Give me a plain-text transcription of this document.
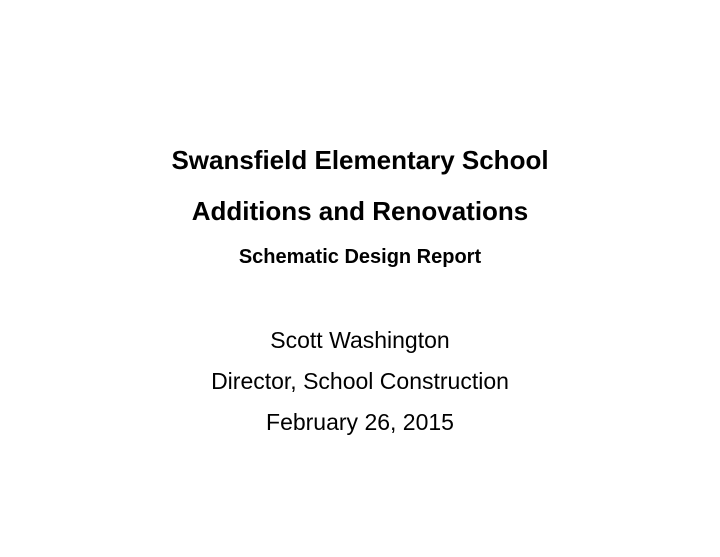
Swansfield Elementary School
Additions and Renovations
Schematic Design Report
Scott Washington
Director, School Construction
February 26, 2015
